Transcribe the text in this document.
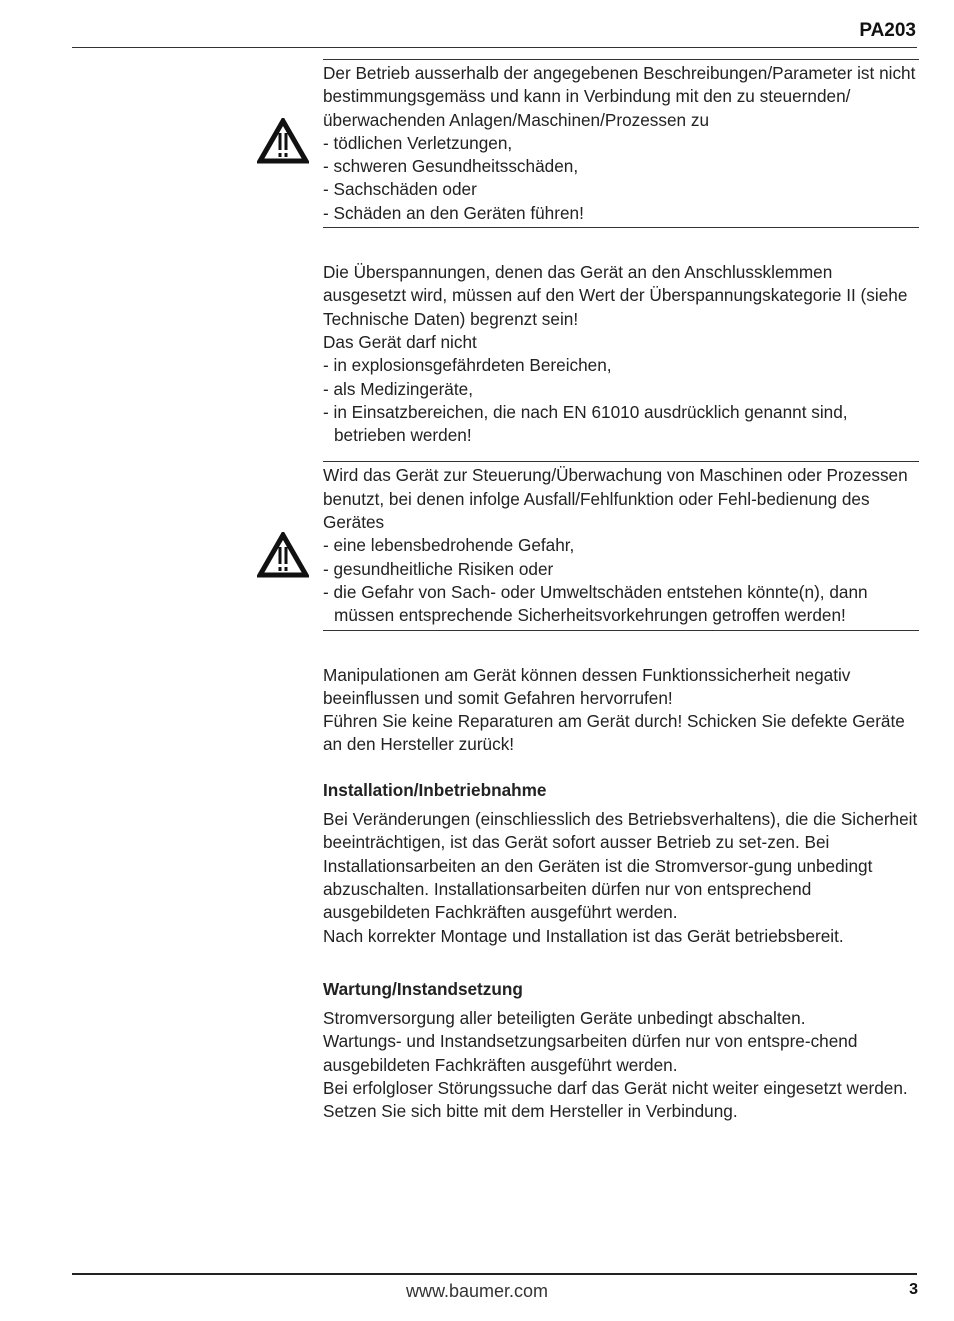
PA203

Der Betrieb ausserhalb der angegebenen Beschreibungen/Parameter ist nicht bestimmungsgemäss und kann in Verbindung mit den zu steuernden/überwachenden Anlagen/Maschinen/Prozessen zu

- tödlichen Verletzungen,
- schweren Gesundheitsschäden,
- Sachschäden oder
- Schäden an den Geräten führen!

Die Überspannungen, denen das Gerät an den Anschlussklemmen ausgesetzt wird, müssen auf den Wert der Überspannungskategorie II (siehe Technische Daten) begrenzt sein!

Das Gerät darf nicht

- in explosionsgefährdeten Bereichen,
- als Medizingeräte,
- in Einsatzbereichen, die nach EN 61010 ausdrücklich genannt sind, betrieben werden!

Wird das Gerät zur Steuerung/Überwachung von Maschinen oder Prozessen benutzt, bei denen infolge Ausfall/Fehlfunktion oder Fehl-bedienung des Gerätes

- eine lebensbedrohende Gefahr,
- gesundheitliche Risiken oder
- die Gefahr von Sach- oder Umweltschäden entstehen könnte(n), dann müssen entsprechende Sicherheitsvorkehrungen getroffen werden!

Manipulationen am Gerät können dessen Funktionssicherheit negativ beeinflussen und somit Gefahren hervorrufen!

Führen Sie keine Reparaturen am Gerät durch! Schicken Sie defekte Geräte an den Hersteller zurück!

Installation/Inbetriebnahme

Bei Veränderungen (einschliesslich des Betriebsverhaltens), die die Sicherheit beeinträchtigen, ist das Gerät sofort ausser Betrieb zu set-zen. Bei Installationsarbeiten an den Geräten ist die Stromversor-gung unbedingt abzuschalten. Installationsarbeiten dürfen nur von entsprechend ausgebildeten Fachkräften ausgeführt werden.

Nach korrekter Montage und Installation ist das Gerät betriebsbereit.

Wartung/Instandsetzung

Stromversorgung aller beteiligten Geräte unbedingt abschalten.

Wartungs- und Instandsetzungsarbeiten dürfen nur von entspre-chend ausgebildeten Fachkräften ausgeführt werden.

Bei erfolgloser Störungssuche darf das Gerät nicht weiter eingesetzt werden. Setzen Sie sich bitte mit dem Hersteller in Verbindung.

www.baumer.com	3
